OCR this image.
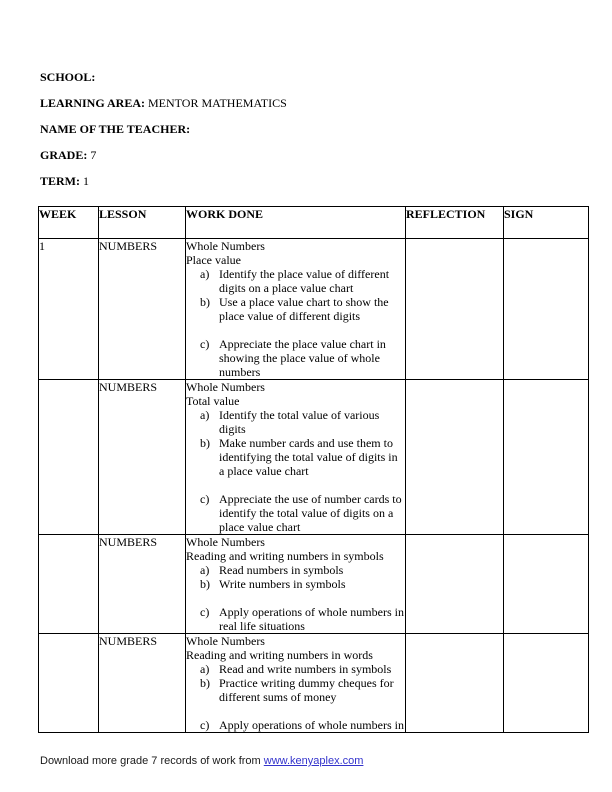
SCHOOL:
LEARNING AREA: MENTOR MATHEMATICS
NAME OF THE TEACHER:
GRADE: 7
TERM: 1
WEEK	LESSON	WORK DONE	REFLECTION	SIGN
1	NUMBERS	Whole Numbers
Place value
a) Identify the place value of different digits on a place value chart
b) Use a place value chart to show the place value of different digits
c) Appreciate the place value chart in showing the place value of whole numbers

	NUMBERS	Whole Numbers
Total value
a) Identify the total value of various digits
b) Make number cards and use them to identifying the total value of digits in a place value chart
c) Appreciate the use of number cards to identify the total value of digits on a place value chart

	NUMBERS	Whole Numbers
Reading and writing numbers in symbols
a) Read numbers in symbols
b) Write numbers in symbols
c) Apply operations of whole numbers in real life situations

	NUMBERS	Whole Numbers
Reading and writing numbers in words
a) Read and write numbers in symbols
b) Practice writing dummy cheques for different sums of money
c) Apply operations of whole numbers in

Download more grade 7 records of work from www.kenyaplex.com
